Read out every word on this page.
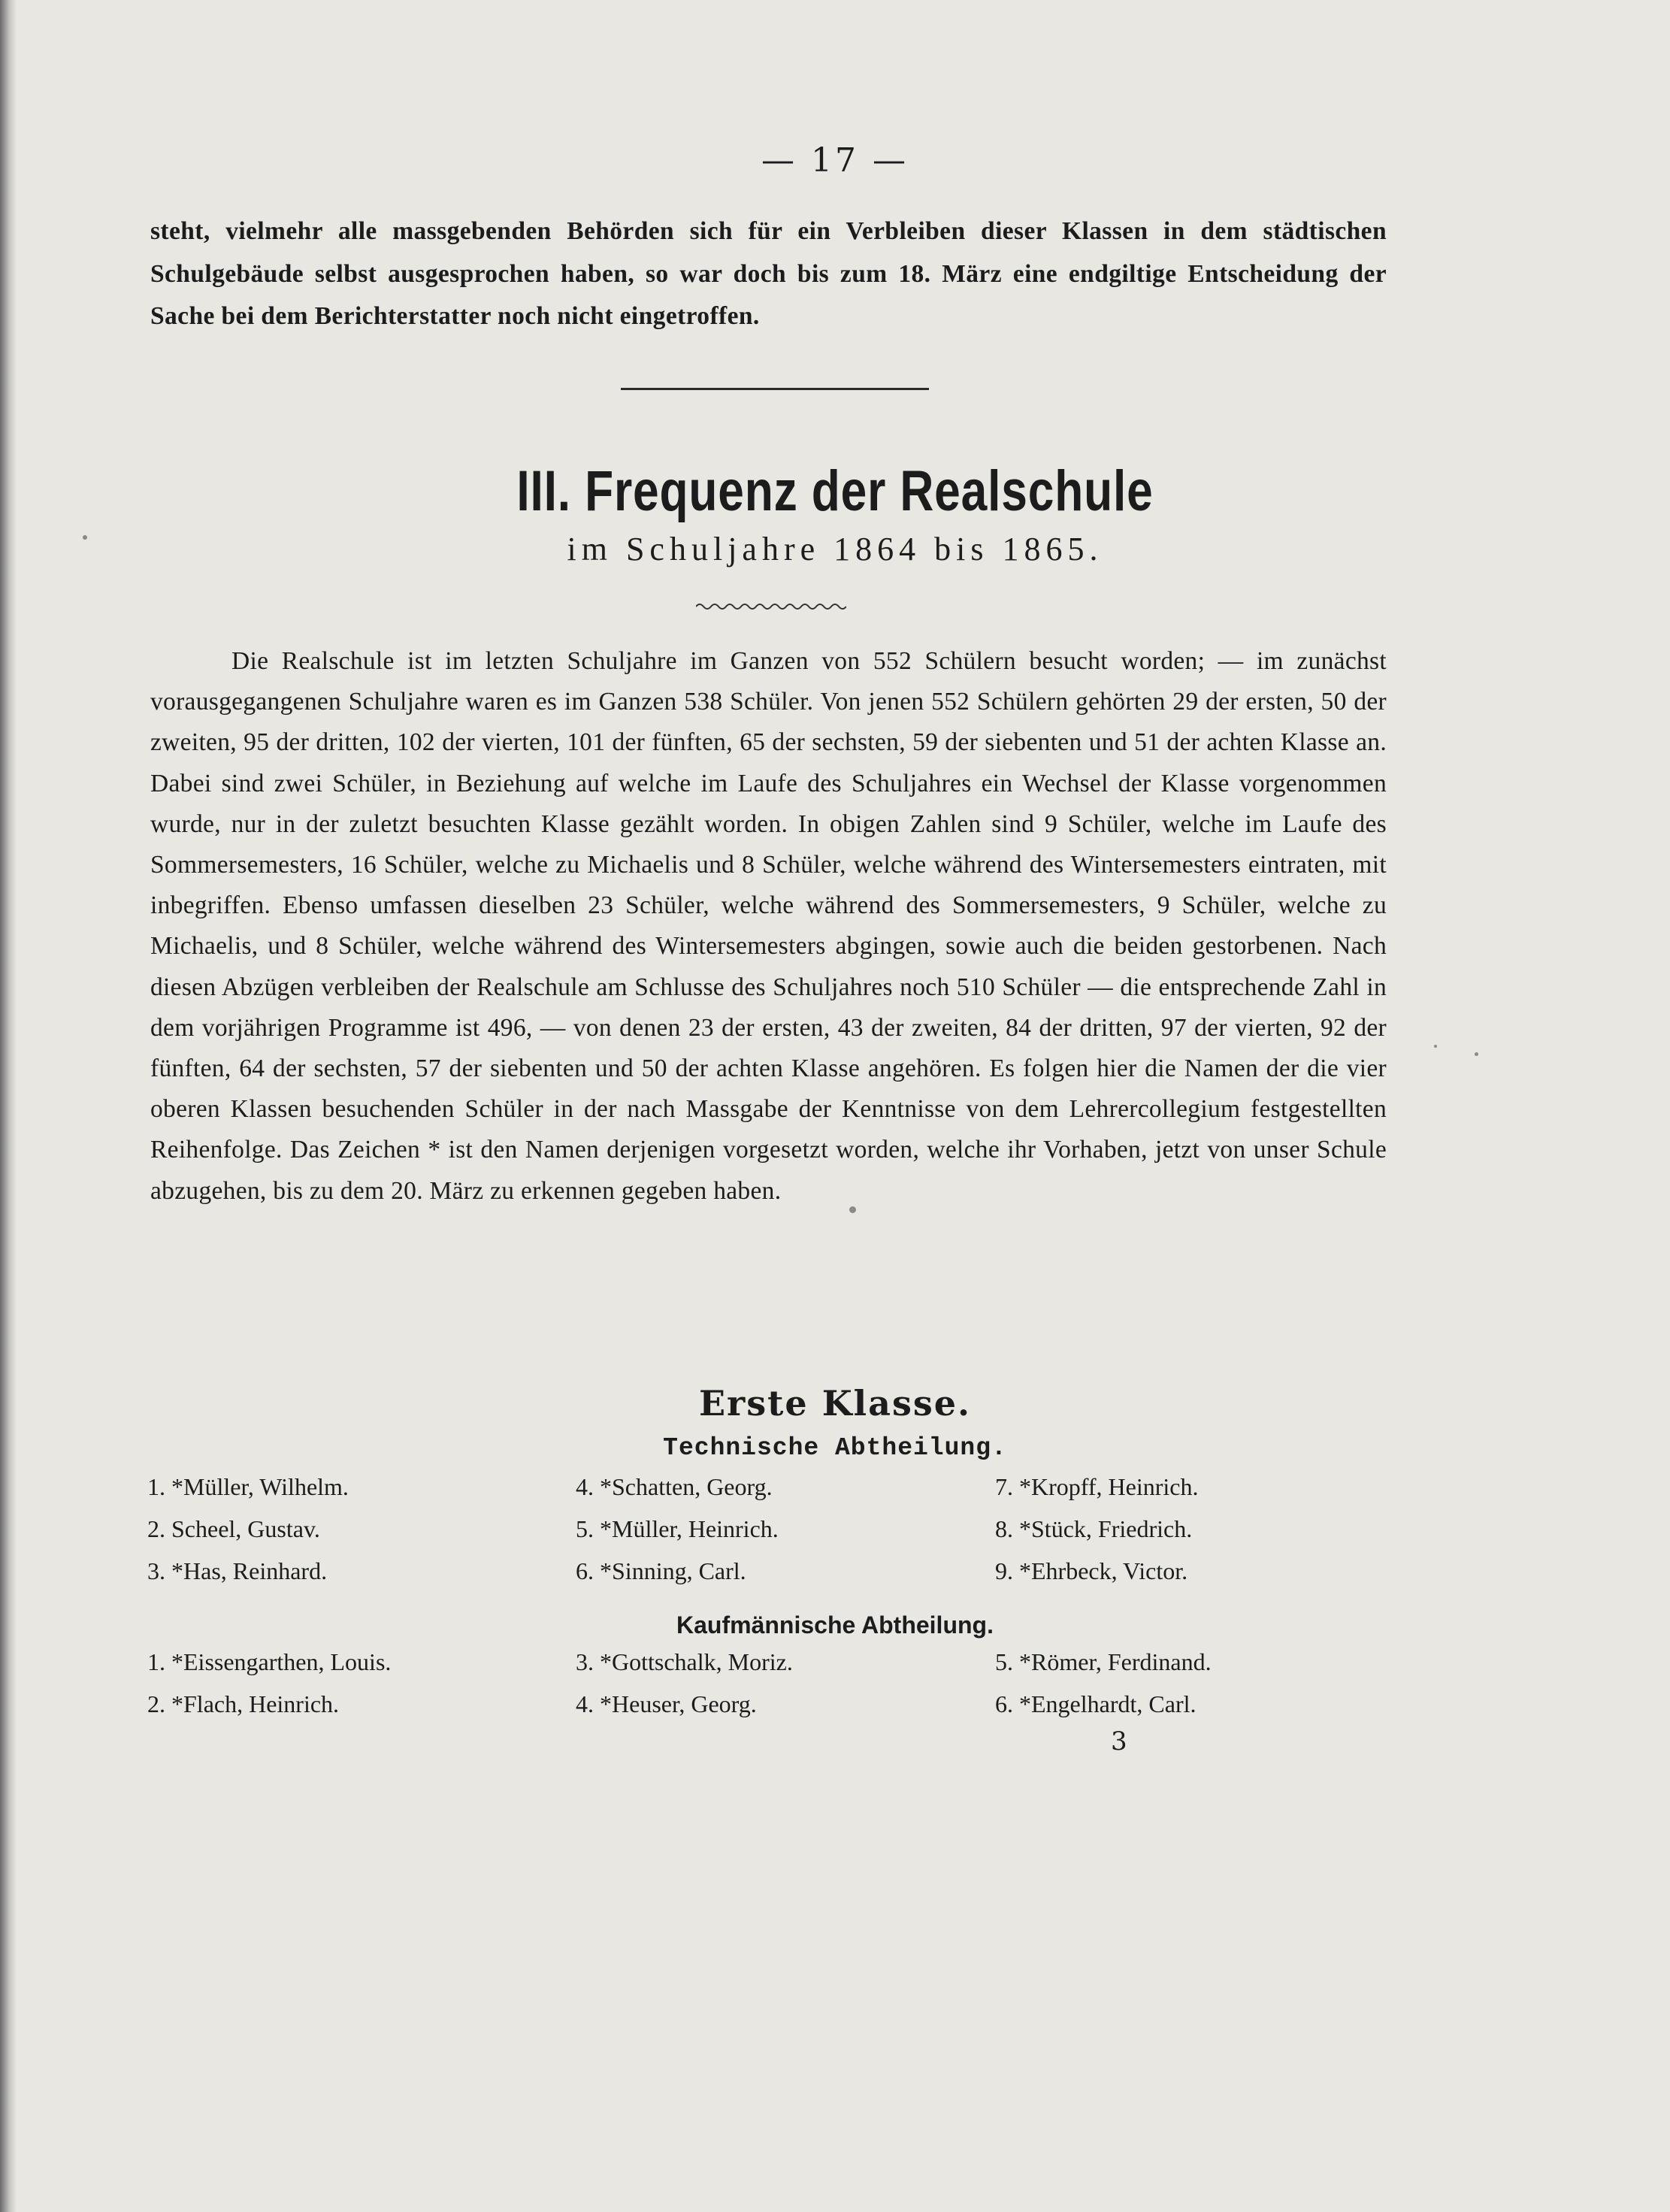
— 17 —
steht, vielmehr alle massgebenden Behörden sich für ein Verbleiben dieser Klassen in dem städtischen Schulgebäude selbst ausgesprochen haben, so war doch bis zum 18. März eine endgiltige Entscheidung der Sache bei dem Berichterstatter noch nicht eingetroffen.
III. Frequenz der Realschule
im Schuljahre 1864 bis 1865.
Die Realschule ist im letzten Schuljahre im Ganzen von 552 Schülern besucht worden; — im zunächst vorausgegangenen Schuljahre waren es im Ganzen 538 Schüler. Von jenen 552 Schülern gehörten 29 der ersten, 50 der zweiten, 95 der dritten, 102 der vierten, 101 der fünften, 65 der sechsten, 59 der siebenten und 51 der achten Klasse an. Dabei sind zwei Schüler, in Beziehung auf welche im Laufe des Schuljahres ein Wechsel der Klasse vorgenommen wurde, nur in der zuletzt besuchten Klasse gezählt worden. In obigen Zahlen sind 9 Schüler, welche im Laufe des Sommersemesters, 16 Schüler, welche zu Michaelis und 8 Schüler, welche während des Wintersemesters eintraten, mit inbegriffen. Ebenso umfassen dieselben 23 Schüler, welche während des Sommersemesters, 9 Schüler, welche zu Michaelis, und 8 Schüler, welche während des Wintersemesters abgingen, sowie auch die beiden gestorbenen. Nach diesen Abzügen verbleiben der Realschule am Schlusse des Schuljahres noch 510 Schüler — die entsprechende Zahl in dem vorjährigen Programme ist 496, — von denen 23 der ersten, 43 der zweiten, 84 der dritten, 97 der vierten, 92 der fünften, 64 der sechsten, 57 der siebenten und 50 der achten Klasse angehören. Es folgen hier die Namen der die vier oberen Klassen besuchenden Schüler in der nach Massgabe der Kenntnisse von dem Lehrercollegium festgestellten Reihenfolge. Das Zeichen * ist den Namen derjenigen vorgesetzt worden, welche ihr Vorhaben, jetzt von unser Schule abzugehen, bis zu dem 20. März zu erkennen gegeben haben.
Erste Klasse.
Technische Abtheilung.
1. *Müller, Wilhelm.	4. *Schatten, Georg.	7. *Kropff, Heinrich.
2. Scheel, Gustav.	5. *Müller, Heinrich.	8. *Stück, Friedrich.
3. *Has, Reinhard.	6. *Sinning, Carl.	9. *Ehrbeck, Victor.
Kaufmännische Abtheilung.
1. *Eissengarthen, Louis.	3. *Gottschalk, Moriz.	5. *Römer, Ferdinand.
2. *Flach, Heinrich.	4. *Heuser, Georg.	6. *Engelhardt, Carl.
3
